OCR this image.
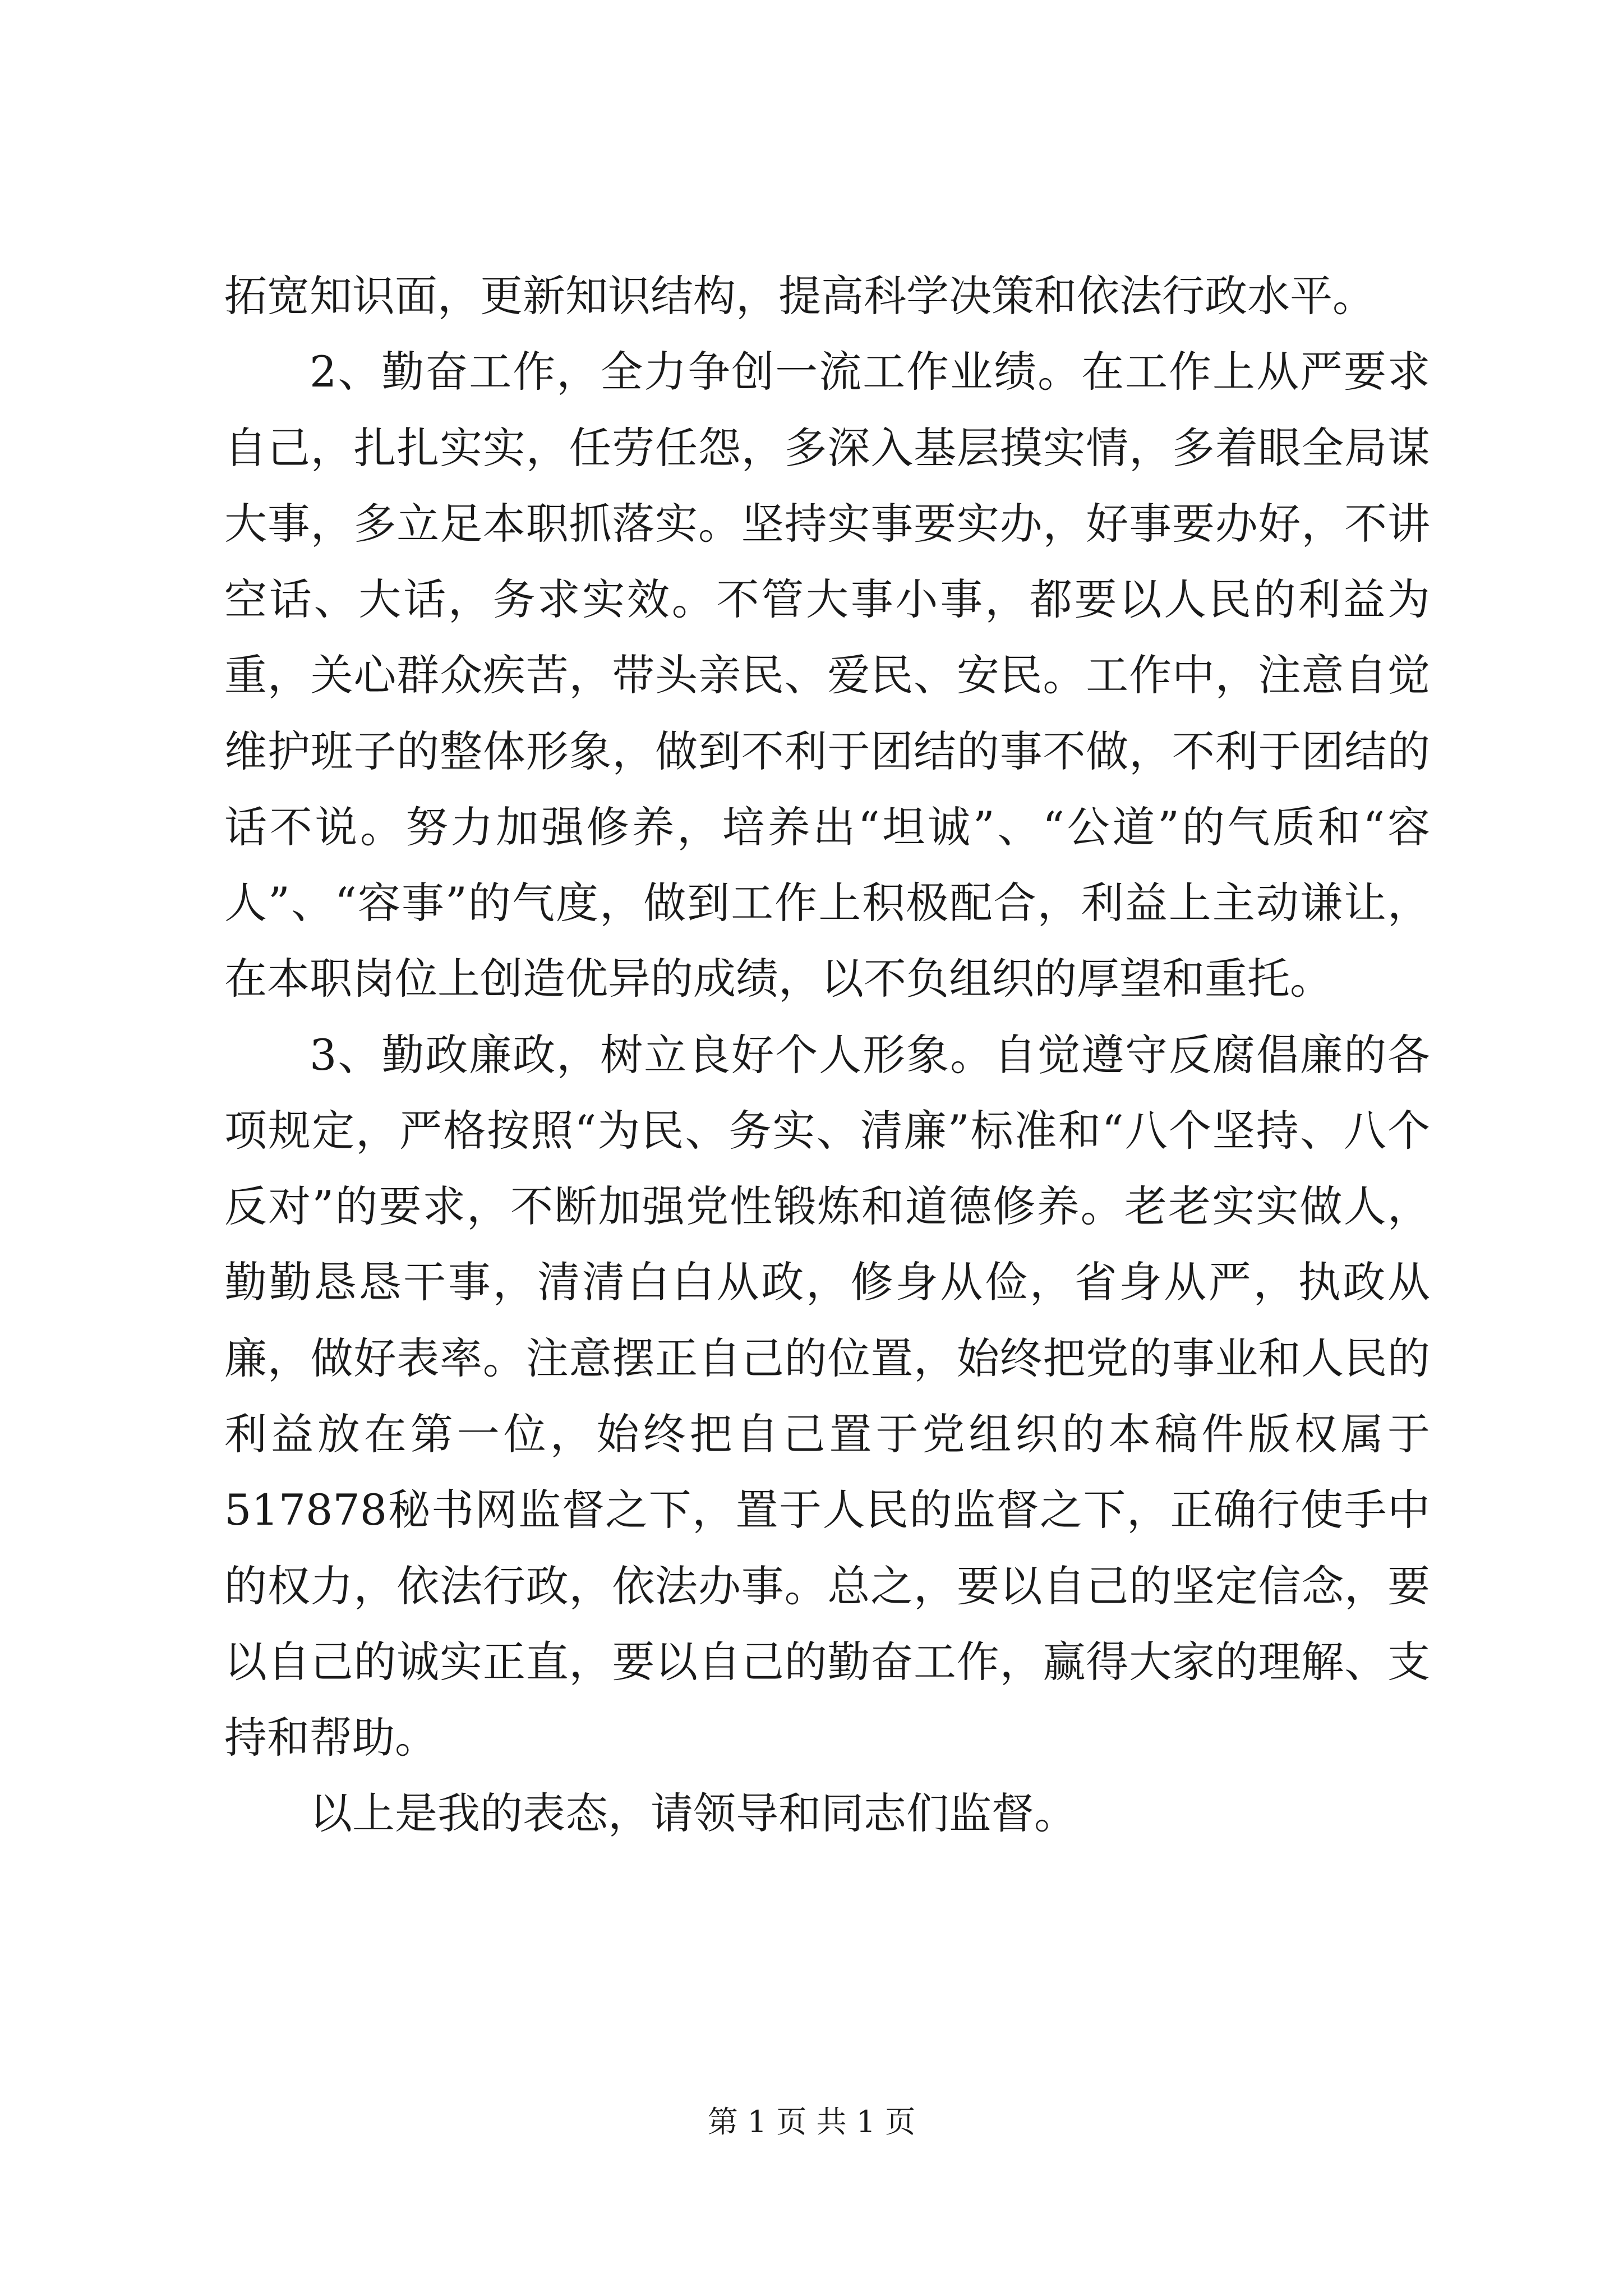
拓宽知识面，更新知识结构，提高科学决策和依法行政水平。

2、勤奋工作，全力争创一流工作业绩。在工作上从严要求自己，扎扎实实，任劳任怨，多深入基层摸实情，多着眼全局谋大事，多立足本职抓落实。坚持实事要实办，好事要办好，不讲空话、大话，务求实效。不管大事小事，都要以人民的利益为重，关心群众疾苦，带头亲民、爱民、安民。工作中，注意自觉维护班子的整体形象，做到不利于团结的事不做，不利于团结的话不说。努力加强修养，培养出“坦诚”、“公道”的气质和“容人”、“容事”的气度，做到工作上积极配合，利益上主动谦让，在本职岗位上创造优异的成绩，以不负组织的厚望和重托。

3、勤政廉政，树立良好个人形象。自觉遵守反腐倡廉的各项规定，严格按照“为民、务实、清廉”标准和“八个坚持、八个反对”的要求，不断加强党性锻炼和道德修养。老老实实做人，勤勤恳恳干事，清清白白从政，修身从俭，省身从严，执政从廉，做好表率。注意摆正自己的位置，始终把党的事业和人民的利益放在第一位，始终把自己置于党组织的本稿件版权属于517878秘书网监督之下，置于人民的监督之下，正确行使手中的权力，依法行政，依法办事。总之，要以自己的坚定信念，要以自己的诚实正直，要以自己的勤奋工作，赢得大家的理解、支持和帮助。

以上是我的表态，请领导和同志们监督。

第 1 页 共 1 页
